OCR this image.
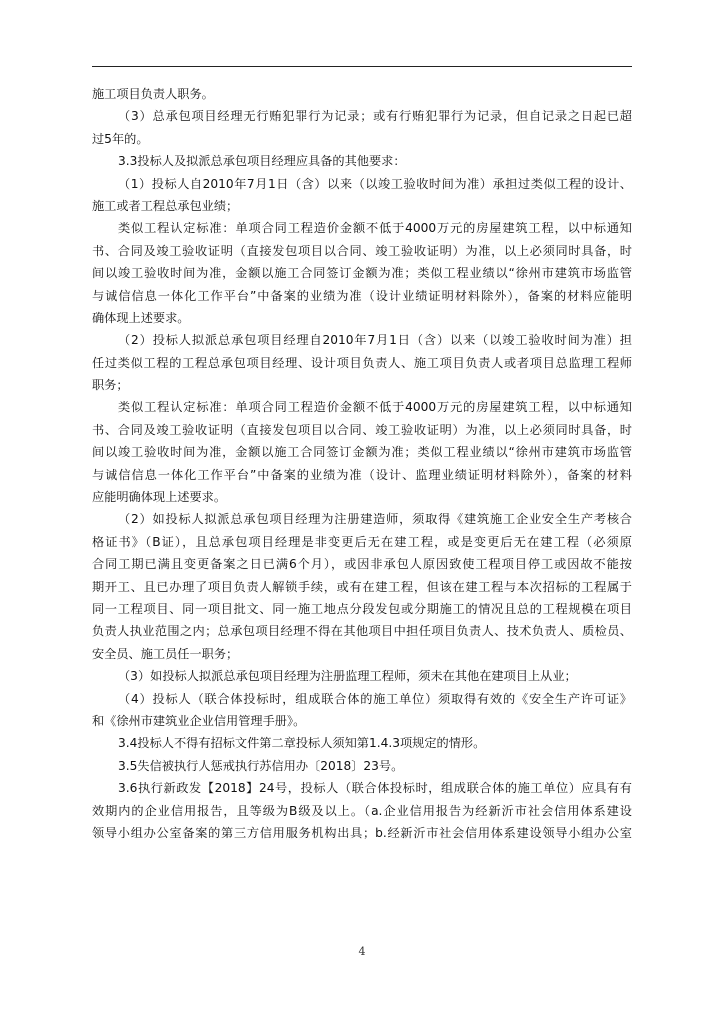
施工项目负责人职务。
（3）总承包项目经理无行贿犯罪行为记录；或有行贿犯罪行为记录，但自记录之日起已超
过5年的。
3.3投标人及拟派总承包项目经理应具备的其他要求：
（1）投标人自2010年7月1日（含）以来（以竣工验收时间为准）承担过类似工程的设计、
施工或者工程总承包业绩；
类似工程认定标准：单项合同工程造价金额不低于4000万元的房屋建筑工程，以中标通知
书、合同及竣工验收证明（直接发包项目以合同、竣工验收证明）为准，以上必须同时具备，时
间以竣工验收时间为准，金额以施工合同签订金额为准；类似工程业绩以“徐州市建筑市场监管
与诚信信息一体化工作平台”中备案的业绩为准（设计业绩证明材料除外），备案的材料应能明
确体现上述要求。
（2）投标人拟派总承包项目经理自2010年7月1日（含）以来（以竣工验收时间为准）担
任过类似工程的工程总承包项目经理、设计项目负责人、施工项目负责人或者项目总监理工程师
职务；
类似工程认定标准：单项合同工程造价金额不低于4000万元的房屋建筑工程，以中标通知
书、合同及竣工验收证明（直接发包项目以合同、竣工验收证明）为准，以上必须同时具备，时
间以竣工验收时间为准，金额以施工合同签订金额为准；类似工程业绩以“徐州市建筑市场监管
与诚信信息一体化工作平台”中备案的业绩为准（设计、监理业绩证明材料除外），备案的材料
应能明确体现上述要求。
（2）如投标人拟派总承包项目经理为注册建造师，须取得《建筑施工企业安全生产考核合
格证书》（B证），且总承包项目经理是非变更后无在建工程，或是变更后无在建工程（必须原
合同工期已满且变更备案之日已满6个月），或因非承包人原因致使工程项目停工或因故不能按
期开工、且已办理了项目负责人解锁手续，或有在建工程，但该在建工程与本次招标的工程属于
同一工程项目、同一项目批文、同一施工地点分段发包或分期施工的情况且总的工程规模在项目
负责人执业范围之内；总承包项目经理不得在其他项目中担任项目负责人、技术负责人、质检员、
安全员、施工员任一职务；
（3）如投标人拟派总承包项目经理为注册监理工程师，须未在其他在建项目上从业；
（4）投标人（联合体投标时，组成联合体的施工单位）须取得有效的《安全生产许可证》
和《徐州市建筑业企业信用管理手册》。
3.4投标人不得有招标文件第二章投标人须知第1.4.3项规定的情形。
3.5失信被执行人惩戒执行苏信用办〔2018〕23号。
3.6执行新政发【2018】24号，投标人（联合体投标时，组成联合体的施工单位）应具有有
效期内的企业信用报告，且等级为B级及以上。（a.企业信用报告为经新沂市社会信用体系建设
领导小组办公室备案的第三方信用服务机构出具；b.经新沂市社会信用体系建设领导小组办公室
4
